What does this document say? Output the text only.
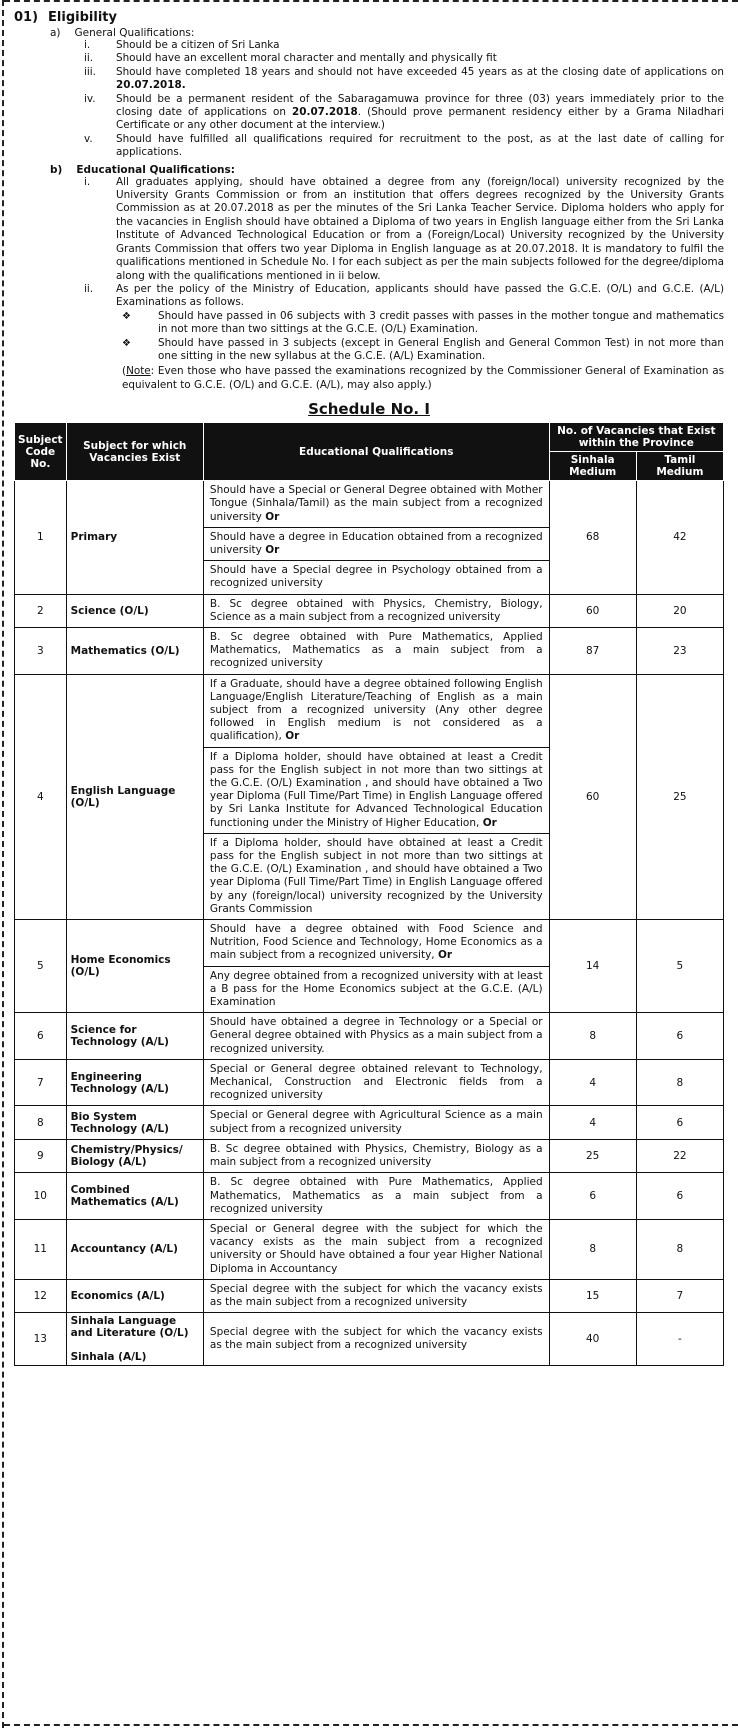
01) Eligibility
a) General Qualifications:
i.	Should be a citizen of Sri Lanka
ii.	Should have an excellent moral character and mentally and physically fit
iii.	Should have completed 18 years and should not have exceeded 45 years as at the closing date of applications on 20.07.2018.
iv.	Should be a permanent resident of the Sabaragamuwa province for three (03) years immediately prior to the closing date of applications on 20.07.2018. (Should prove permanent residency either by a Grama Niladhari Certificate or any other document at the interview.)
v.	Should have fulfilled all qualifications required for recruitment to the post, as at the last date of calling for applications.
b) Educational Qualifications:
i.	All graduates applying, should have obtained a degree from any (foreign/local) university recognized by the University Grants Commission or from an institution that offers degrees recognized by the University Grants Commission as at 20.07.2018 as per the minutes of the Sri Lanka Teacher Service. Diploma holders who apply for the vacancies in English should have obtained a Diploma of two years in English language either from the Sri Lanka Institute of Advanced Technological Education or from a (Foreign/Local) University recognized by the University Grants Commission that offers two year Diploma in English language as at 20.07.2018. It is mandatory to fulfil the qualifications mentioned in Schedule No. I for each subject as per the main subjects followed for the degree/diploma along with the qualifications mentioned in ii below.
ii.	As per the policy of the Ministry of Education, applicants should have passed the G.C.E. (O/L) and G.C.E. (A/L) Examinations as follows.
❖	Should have passed in 06 subjects with 3 credit passes with passes in the mother tongue and mathematics in not more than two sittings at the G.C.E. (O/L) Examination.
❖	Should have passed in 3 subjects (except in General English and General Common Test) in not more than one sitting in the new syllabus at the G.C.E. (A/L) Examination.
(Note: Even those who have passed the examinations recognized by the Commissioner General of Examination as equivalent to G.C.E. (O/L) and G.C.E. (A/L), may also apply.)
Schedule No. I
Subject Code No.	Subject for which Vacancies Exist	Educational Qualifications	No. of Vacancies that Exist within the Province	
			Sinhala Medium	Tamil Medium
1	Primary	Should have a Special or General Degree obtained with Mother Tongue (Sinhala/Tamil) as the main subject from a recognized university Or
Should have a degree in Education obtained from a recognized university Or
Should have a Special degree in Psychology obtained from a recognized university	68	42
2	Science (O/L)	B. Sc degree obtained with Physics, Chemistry, Biology, Science as a main subject from a recognized university	60	20
3	Mathematics (O/L)	B. Sc degree obtained with Pure Mathematics, Applied Mathematics, Mathematics as a main subject from a recognized university	87	23
4	English Language (O/L)	If a Graduate, should have a degree obtained following English Language/English Literature/Teaching of English as a main subject from a recognized university (Any other degree followed in English medium is not considered as a qualification), Or
If a Diploma holder, should have obtained at least a Credit pass for the English subject in not more than two sittings at the G.C.E. (O/L) Examination , and should have obtained a Two year Diploma (Full Time/Part Time) in English Language offered by Sri Lanka Institute for Advanced Technological Education functioning under the Ministry of Higher Education, Or
If a Diploma holder, should have obtained at least a Credit pass for the English subject in not more than two sittings at the G.C.E. (O/L) Examination , and should have obtained a Two year Diploma (Full Time/Part Time) in English Language offered by any (foreign/local) university recognized by the University Grants Commission	60	25
5	Home Economics (O/L)	Should have a degree obtained with Food Science and Nutrition, Food Science and Technology, Home Economics as a main subject from a recognized university, Or
Any degree obtained from a recognized university with at least a B pass for the Home Economics subject at the G.C.E. (A/L) Examination	14	5
6	Science for Technology (A/L)	Should have obtained a degree in Technology or a Special or General degree obtained with Physics as a main subject from a recognized university.	8	6
7	Engineering Technology (A/L)	Special or General degree obtained relevant to Technology, Mechanical, Construction and Electronic fields from a recognized university	4	8
8	Bio System Technology (A/L)	Special or General degree with Agricultural Science as a main subject from a recognized university	4	6
9	Chemistry/Physics/ Biology (A/L)	B. Sc degree obtained with Physics, Chemistry, Biology as a main subject from a recognized university	25	22
10	Combined Mathematics (A/L)	B. Sc degree obtained with Pure Mathematics, Applied Mathematics, Mathematics as a main subject from a recognized university	6	6
11	Accountancy (A/L)	Special or General degree with the subject for which the vacancy exists as the main subject from a recognized university or Should have obtained a four year Higher National Diploma in Accountancy	8	8
12	Economics (A/L)	Special degree with the subject for which the vacancy exists as the main subject from a recognized university	15	7
13	Sinhala Language and Literature (O/L)

Sinhala (A/L)	Special degree with the subject for which the vacancy exists as the main subject from a recognized university	40	-
